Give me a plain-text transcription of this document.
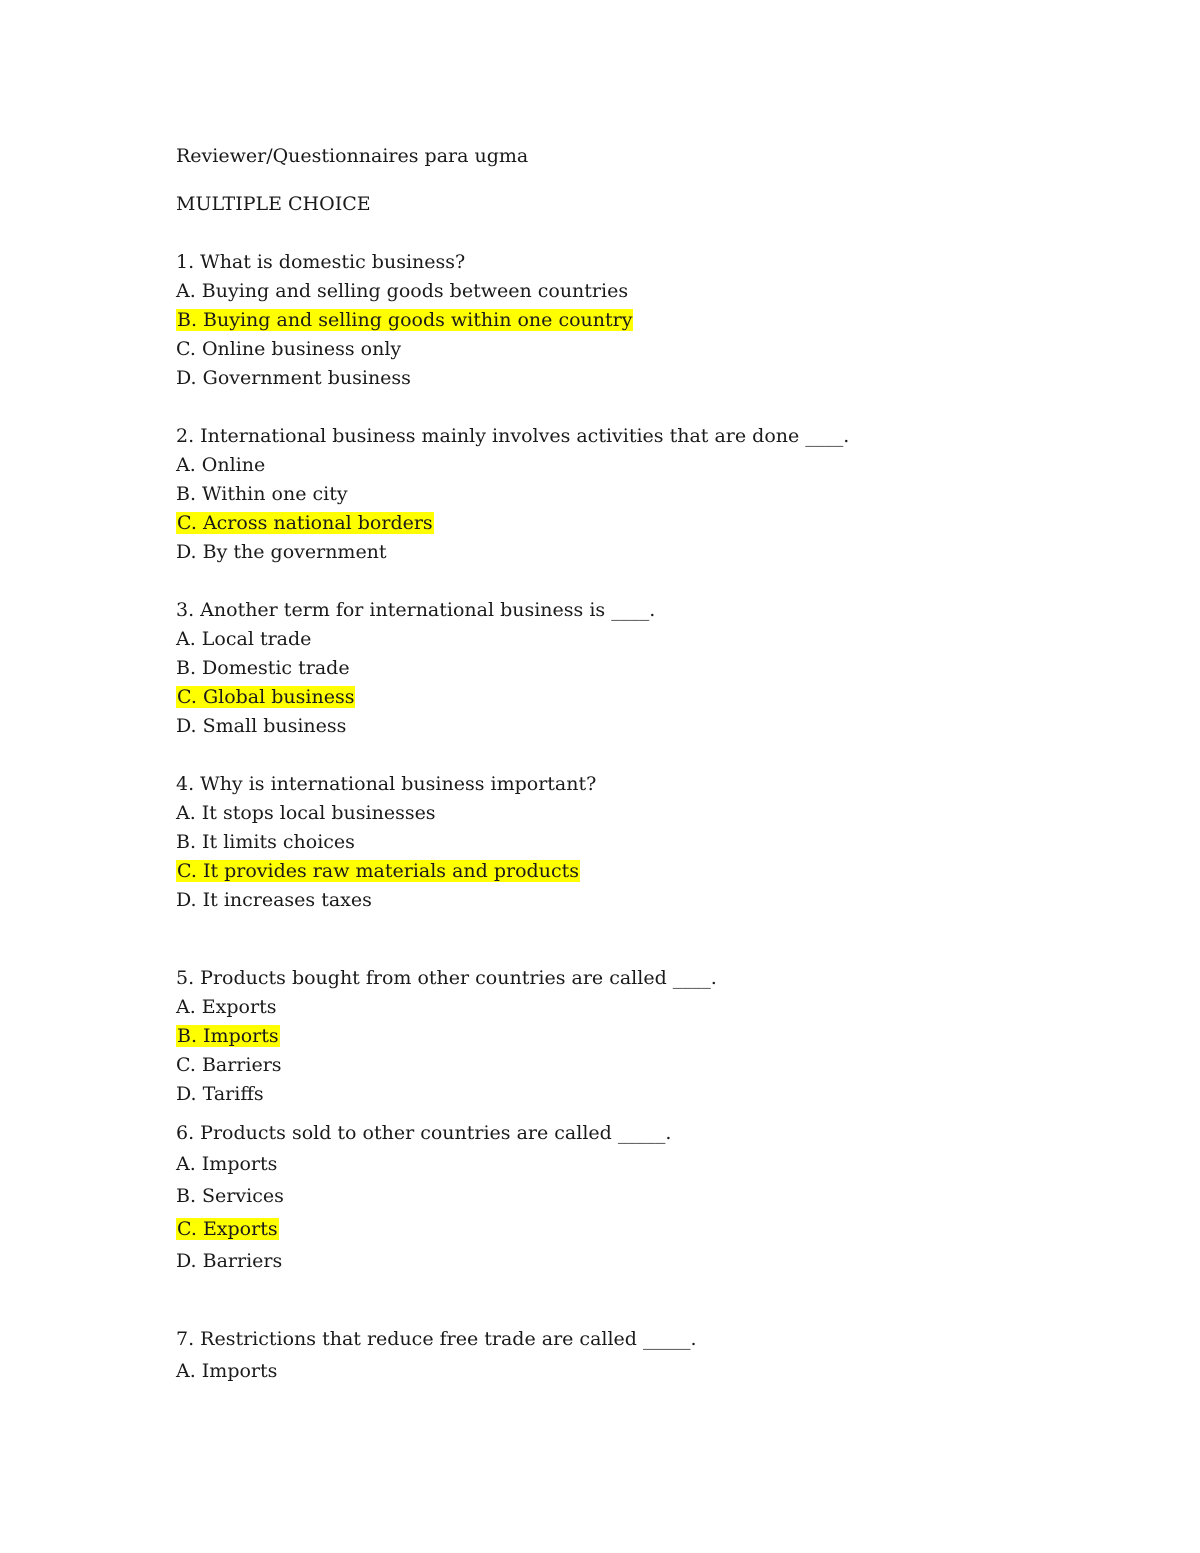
Reviewer/Questionnaires para ugma
MULTIPLE CHOICE
1. What is domestic business?
A. Buying and selling goods between countries
B. Buying and selling goods within one country
C. Online business only
D. Government business
2. International business mainly involves activities that are done ____.
A. Online
B. Within one city
C. Across national borders
D. By the government
3. Another term for international business is ____.
A. Local trade
B. Domestic trade
C. Global business
D. Small business
4. Why is international business important?
A. It stops local businesses
B. It limits choices
C. It provides raw materials and products
D. It increases taxes
5. Products bought from other countries are called ____.
A. Exports
B. Imports
C. Barriers
D. Tariffs
6. Products sold to other countries are called _____.
A. Imports
B. Services
C. Exports
D. Barriers
7. Restrictions that reduce free trade are called _____.
A. Imports
